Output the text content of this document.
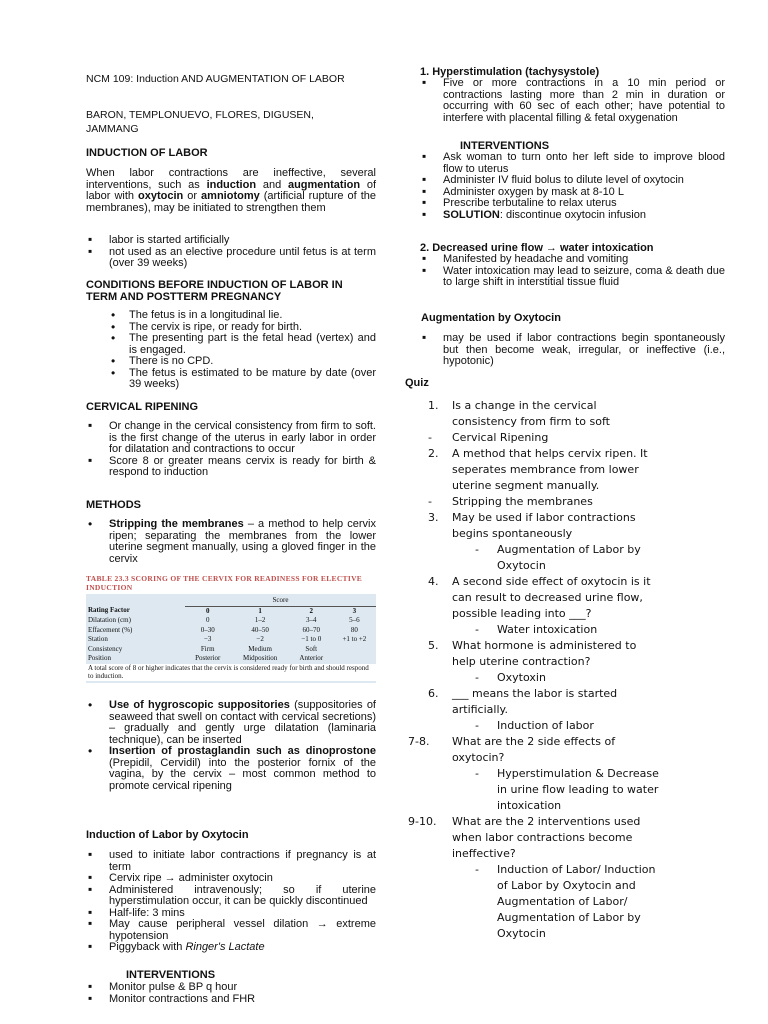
NCM 109: Induction AND AUGMENTATION OF LABOR
BARON, TEMPLONUEVO, FLORES, DIGUSEN, JAMMANG
INDUCTION OF LABOR
When labor contractions are ineffective, several interventions, such as induction and augmentation of labor with oxytocin or amniotomy (artificial rupture of the membranes), may be initiated to strengthen them
▪ labor is started artificially
▪ not used as an elective procedure until fetus is at term (over 39 weeks)
CONDITIONS BEFORE INDUCTION OF LABOR IN TERM AND POSTTERM PREGNANCY
• The fetus is in a longitudinal lie.
• The cervix is ripe, or ready for birth.
• The presenting part is the fetal head (vertex) and is engaged.
• There is no CPD.
• The fetus is estimated to be mature by date (over 39 weeks)
CERVICAL RIPENING
▪ Or change in the cervical consistency from firm to soft. is the first change of the uterus in early labor in order for dilatation and contractions to occur
▪ Score 8 or greater means cervix is ready for birth & respond to induction
METHODS
• Stripping the membranes – a method to help cervix ripen; separating the membranes from the lower uterine segment manually, using a gloved finger in the cervix
TABLE 23.3 SCORING OF THE CERVIX FOR READINESS FOR ELECTIVE INDUCTION
	Score			
Rating Factor	0	1	2	3
Dilatation (cm)	0	1–2	3–4	5–6
Effacement (%)	0–30	40–50	60–70	80
Station	−3	−2	−1 to 0	+1 to +2
Consistency	Firm	Medium	Soft	
Position	Posterior	Midposition	Anterior	
A total score of 8 or higher indicates that the cervix is considered ready for birth and should respond to induction.
• Use of hygroscopic suppositories (suppositories of seaweed that swell on contact with cervical secretions) – gradually and gently urge dilatation (laminaria technique), can be inserted
• Insertion of prostaglandin such as dinoprostone (Prepidil, Cervidil) into the posterior fornix of the vagina, by the cervix – most common method to promote cervical ripening
Induction of Labor by Oxytocin
▪ used to initiate labor contractions if pregnancy is at term
▪ Cervix ripe → administer oxytocin
▪ Administered intravenously; so if uterine hyperstimulation occur, it can be quickly discontinued
▪ Half-life: 3 mins
▪ May cause peripheral vessel dilation → extreme hypotension
▪ Piggyback with Ringer's Lactate
INTERVENTIONS
▪ Monitor pulse & BP q hour
▪ Monitor contractions and FHR
1. Hyperstimulation (tachysystole)
▪ Five or more contractions in a 10 min period or contractions lasting more than 2 min in duration or occurring with 60 sec of each other; have potential to interfere with placental filling & fetal oxygenation
INTERVENTIONS
▪ Ask woman to turn onto her left side to improve blood flow to uterus
▪ Administer IV fluid bolus to dilute level of oxytocin
▪ Administer oxygen by mask at 8-10 L
▪ Prescribe terbutaline to relax uterus
▪ SOLUTION: discontinue oxytocin infusion
2. Decreased urine flow → water intoxication
▪ Manifested by headache and vomiting
▪ Water intoxication may lead to seizure, coma & death due to large shift in interstitial tissue fluid
Augmentation by Oxytocin
▪ may be used if labor contractions begin spontaneously but then become weak, irregular, or ineffective (i.e., hypotonic)
Quiz
1. Is a change in the cervical
consistency from firm to soft
- Cervical Ripening
2. A method that helps cervix ripen. It
seperates membrance from lower
uterine segment manually.
- Stripping the membranes
3. May be used if labor contractions
begins spontaneously
- Augmentation of Labor by
Oxytocin
4. A second side effect of oxytocin is it
can result to decreased urine flow,
possible leading into ___?
- Water intoxication
5. What hormone is administered to
help uterine contraction?
- Oxytoxin
6. ___ means the labor is started
artificially.
- Induction of labor
7-8. What are the 2 side effects of
oxytocin?
- Hyperstimulation & Decrease
in urine flow leading to water
intoxication
9-10. What are the 2 interventions used
when labor contractions become
ineffective?
- Induction of Labor/ Induction
of Labor by Oxytocin and
Augmentation of Labor/
Augmentation of Labor by
Oxytocin
